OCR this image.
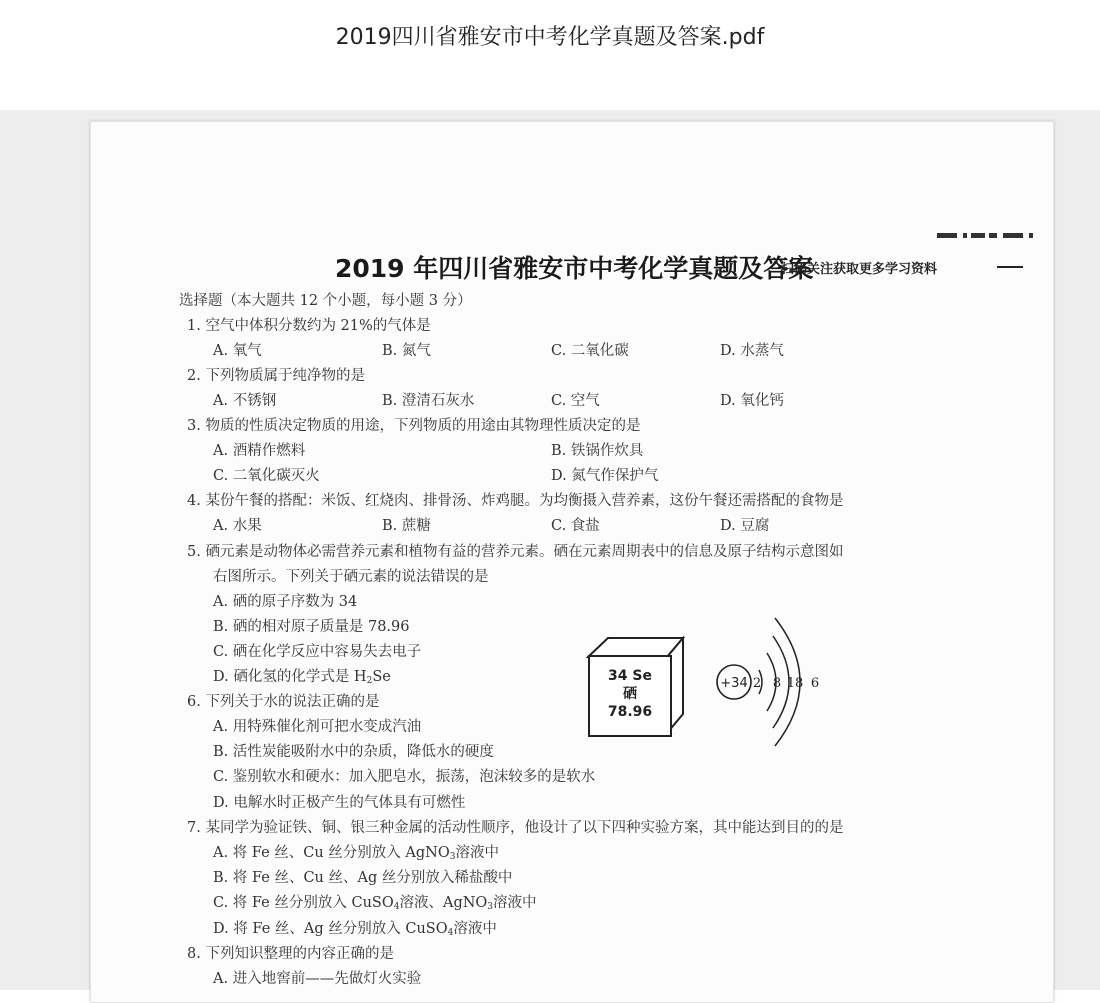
2019四川省雅安市中考化学真题及答案.pdf
2019 年四川省雅安市中考化学真题及答案
扫码关注获取更多学习资料
选择题（本大题共 12 个小题，每小题 3 分）
1. 空气中体积分数约为 21%的气体是
A. 氧气	B. 氮气	C. 二氧化碳	D. 水蒸气
2. 下列物质属于纯净物的是
A. 不锈钢	B. 澄清石灰水	C. 空气	D. 氧化钙
3. 物质的性质决定物质的用途，下列物质的用途由其物理性质决定的是
A. 酒精作燃料	B. 铁锅作炊具
C. 二氧化碳灭火	D. 氮气作保护气
4. 某份午餐的搭配：米饭、红烧肉、排骨汤、炸鸡腿。为均衡摄入营养素，这份午餐还需搭配的食物是
A. 水果	B. 蔗糖	C. 食盐	D. 豆腐
5. 硒元素是动物体必需营养元素和植物有益的营养元素。硒在元素周期表中的信息及原子结构示意图如
右图所示。下列关于硒元素的说法错误的是
A. 硒的原子序数为 34
B. 硒的相对原子质量是 78.96
C. 硒在化学反应中容易失去电子
D. 硒化氢的化学式是 $H_2Se$	34 Se
硒
78.96
+34 2 8 18 6
6. 下列关于水的说法正确的是
A. 用特殊催化剂可把水变成汽油
B. 活性炭能吸附水中的杂质，降低水的硬度
C. 鉴别软水和硬水：加入肥皂水，振荡，泡沫较多的是软水
D. 电解水时正极产生的气体具有可燃性
7. 某同学为验证铁、铜、银三种金属的活动性顺序，他设计了以下四种实验方案，其中能达到目的的是
A. 将 Fe 丝、Cu 丝分别放入 AgNO$_3$溶液中
B. 将 Fe 丝、Cu 丝、Ag 丝分别放入稀盐酸中
C. 将 Fe 丝分别放入 CuSO$_4$溶液、AgNO$_3$溶液中
D. 将 Fe 丝、Ag 丝分别放入 CuSO$_4$溶液中
8. 下列知识整理的内容正确的是
A. 进入地窖前——先做灯火实验
